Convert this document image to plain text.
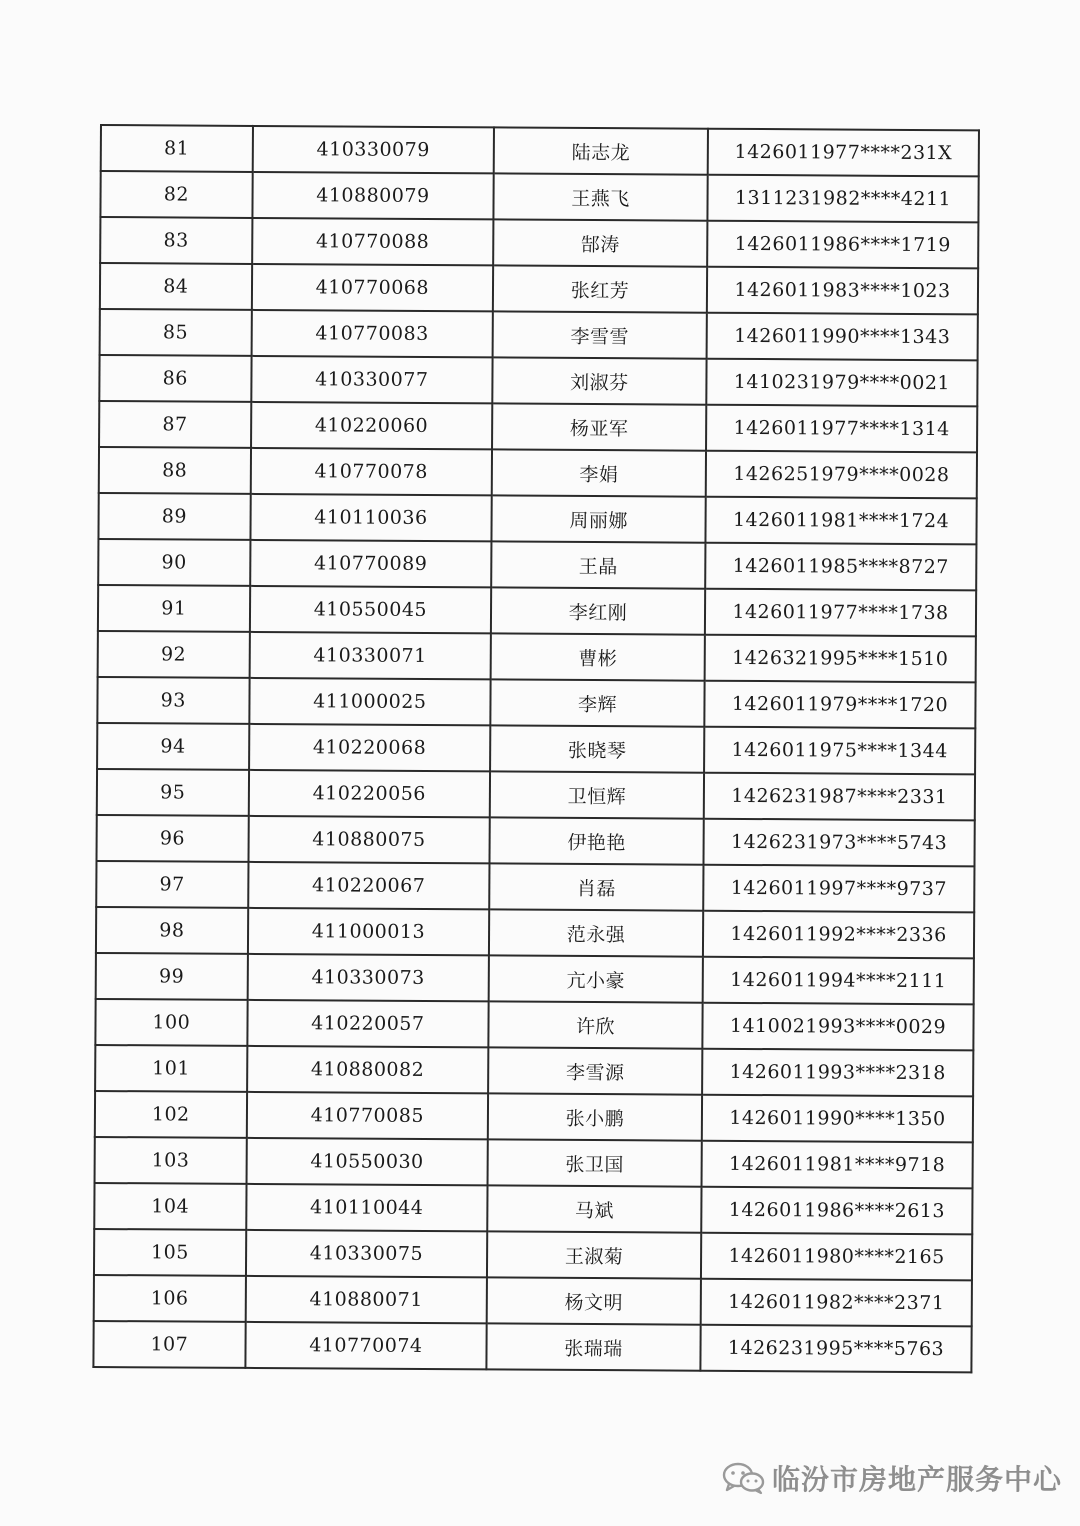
81	410330079	陆志龙	1426011977****231X
82	410880079	王燕飞	1311231982****4211
83	410770088	郜涛	1426011986****1719
84	410770068	张红芳	1426011983****1023
85	410770083	李雪雪	1426011990****1343
86	410330077	刘淑芬	1410231979****0021
87	410220060	杨亚军	1426011977****1314
88	410770078	李娟	1426251979****0028
89	410110036	周丽娜	1426011981****1724
90	410770089	王晶	1426011985****8727
91	410550045	李红刚	1426011977****1738
92	410330071	曹彬	1426321995****1510
93	411000025	李辉	1426011979****1720
94	410220068	张晓琴	1426011975****1344
95	410220056	卫恒辉	1426231987****2331
96	410880075	伊艳艳	1426231973****5743
97	410220067	肖磊	1426011997****9737
98	411000013	范永强	1426011992****2336
99	410330073	亢小豪	1426011994****2111
100	410220057	许欣	1410021993****0029
101	410880082	李雪源	1426011993****2318
102	410770085	张小鹏	1426011990****1350
103	410550030	张卫国	1426011981****9718
104	410110044	马斌	1426011986****2613
105	410330075	王淑菊	1426011980****2165
106	410880071	杨文明	1426011982****2371
107	410770074	张瑞瑞	1426231995****5763
临汾市房地产服务中心
